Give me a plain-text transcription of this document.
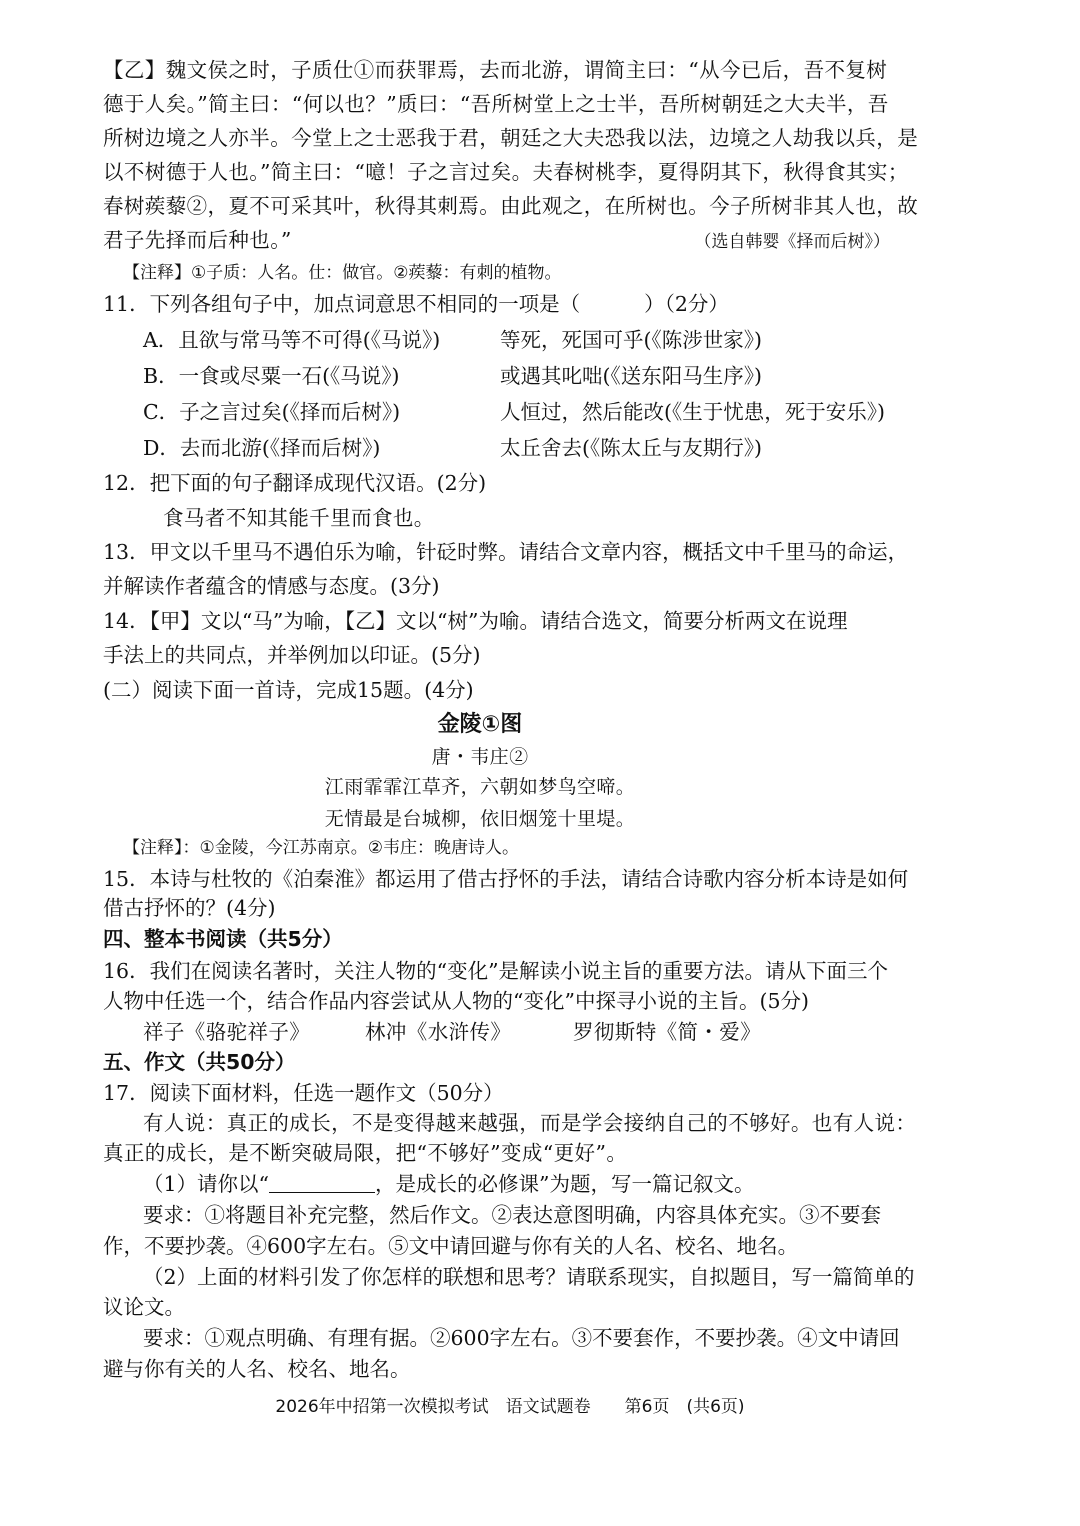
【乙】魏文侯之时，子质仕①而获罪焉，去而北游，谓简主曰：“从今已后，吾不复树
德于人矣。”简主曰：“何以也？”质曰：“吾所树堂上之士半，吾所树朝廷之大夫半，吾
所树边境之人亦半。今堂上之士恶我于君，朝廷之大夫恐我以法，边境之人劫我以兵，是
以不树德于人也。”简主曰：“噫！子之言过矣。夫春树桃李，夏得阴其下，秋得食其实；
春树蒺藜②，夏不可采其叶，秋得其刺焉。由此观之，在所树也。今子所树非其人也，故
君子先择而后种也。”	（选自韩婴《择而后树》）
【注释】①子质：人名。仕：做官。②蒺藜：有刺的植物。
11．下列各组句子中，加点词意思不相同的一项是（	）（2分）
A．且欲与常马等不可得(《马说》)	等死，死国可乎(《陈涉世家》)
B．一食或尽粟一石(《马说》)	或遇其叱咄(《送东阳马生序》)
C．子之言过矣(《择而后树》)	人恒过，然后能改(《生于忧患，死于安乐》)
D．去而北游(《择而后树》)	太丘舍去(《陈太丘与友期行》)
12．把下面的句子翻译成现代汉语。(2分)
食马者不知其能千里而食也。
13．甲文以千里马不遇伯乐为喻，针砭时弊。请结合文章内容，概括文中千里马的命运，
并解读作者蕴含的情感与态度。(3分)
14．【甲】文以“马”为喻，【乙】文以“树”为喻。请结合选文，简要分析两文在说理
手法上的共同点，并举例加以印证。(5分)
(二）阅读下面一首诗，完成15题。(4分)
金陵①图
唐・韦庄②
江雨霏霏江草齐，六朝如梦鸟空啼。
无情最是台城柳，依旧烟笼十里堤。
【注释】：①金陵，今江苏南京。②韦庄：晚唐诗人。
15．本诗与杜牧的《泊秦淮》都运用了借古抒怀的手法，请结合诗歌内容分析本诗是如何
借古抒怀的？(4分)
四、整本书阅读（共5分）
16．我们在阅读名著时，关注人物的“变化”是解读小说主旨的重要方法。请从下面三个
人物中任选一个，结合作品内容尝试从人物的“变化”中探寻小说的主旨。(5分)
祥子《骆驼祥子》	林冲《水浒传》	罗彻斯特《简・爱》
五、作文（共50分）
17．阅读下面材料，任选一题作文（50分）
有人说：真正的成长，不是变得越来越强，而是学会接纳自己的不够好。也有人说：
真正的成长，是不断突破局限，把“不够好”变成“更好”。
（1）请你以“	，是成长的必修课”为题，写一篇记叙文。
要求：①将题目补充完整，然后作文。②表达意图明确，内容具体充实。③不要套
作，不要抄袭。④600字左右。⑤文中请回避与你有关的人名、校名、地名。
（2）上面的材料引发了你怎样的联想和思考？请联系现实，自拟题目，写一篇简单的
议论文。
要求：①观点明确、有理有据。②600字左右。③不要套作，不要抄袭。④文中请回
避与你有关的人名、校名、地名。
2026年中招第一次模拟考试　语文试题卷　　第6页　(共6页)
